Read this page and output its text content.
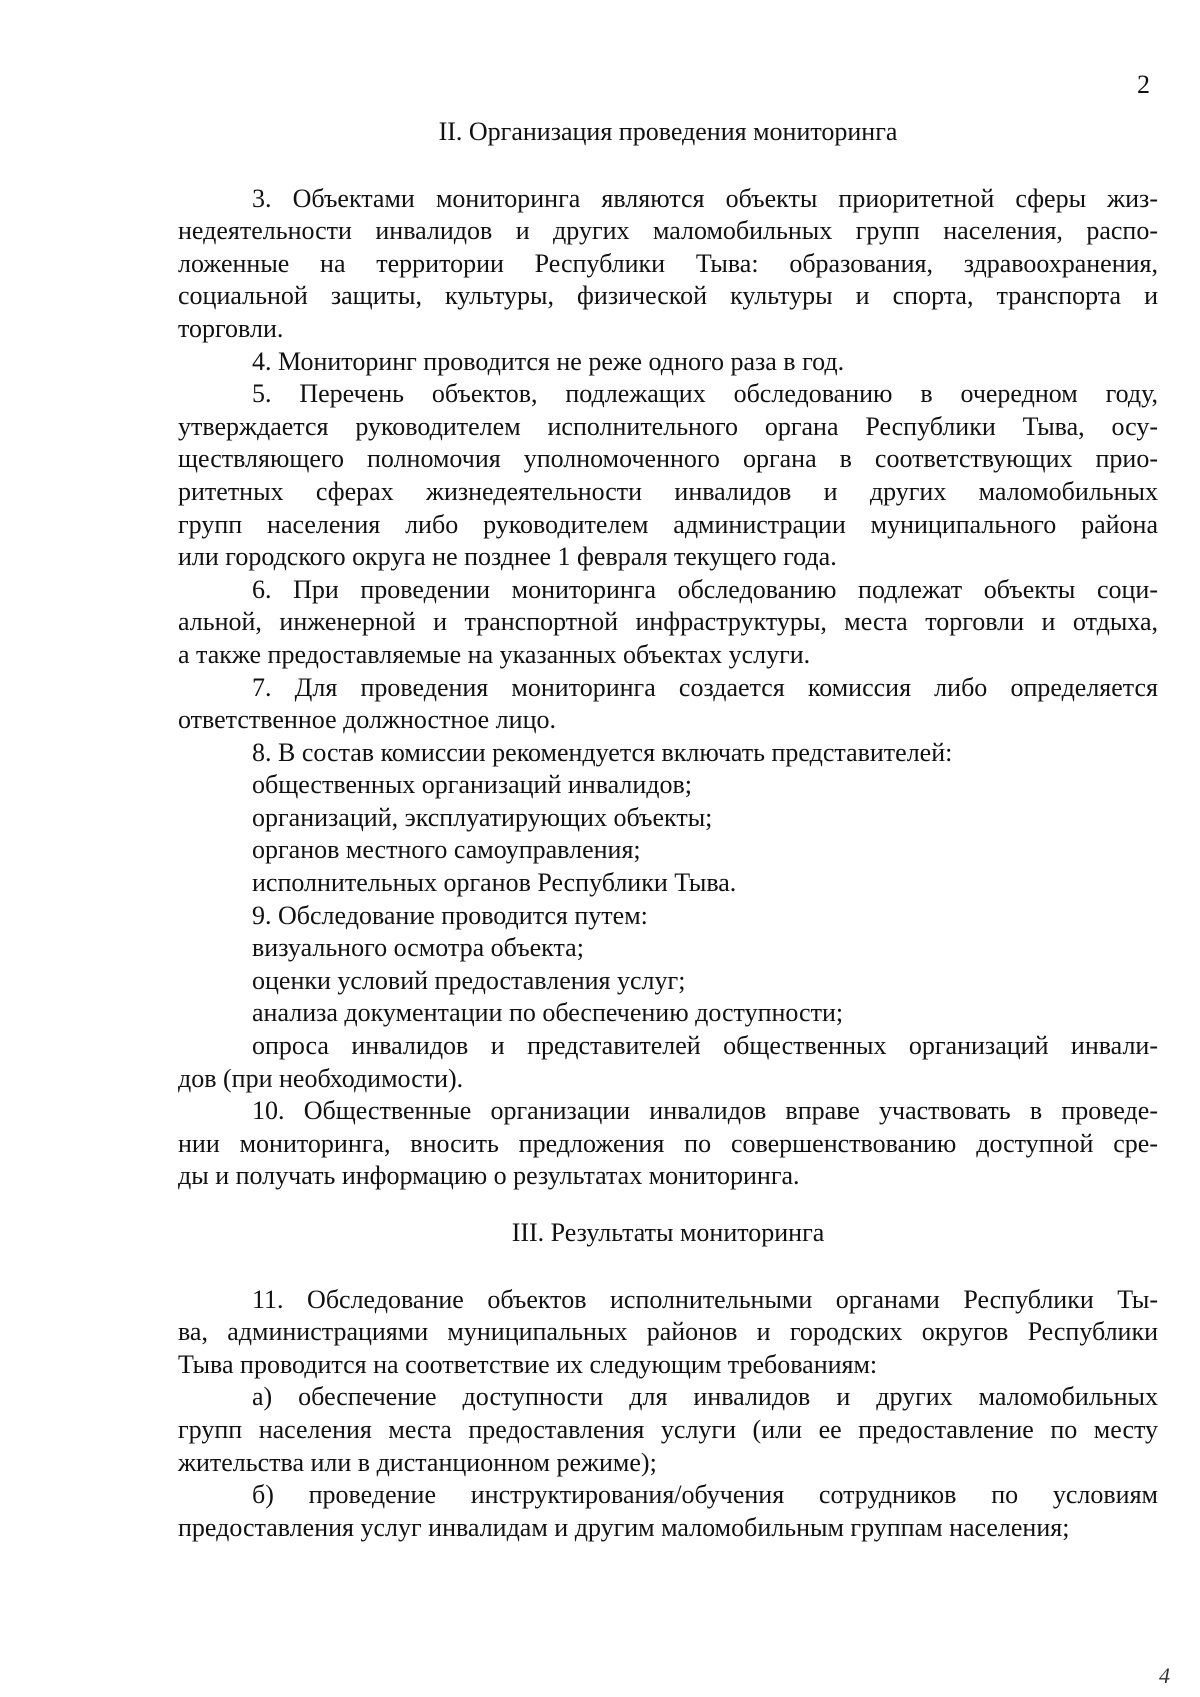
2
II. Организация проведения мониторинга
3. Объектами мониторинга являются объекты приоритетной сферы жиз-
недеятельности инвалидов и других маломобильных групп населения, распо-
ложенные на территории Республики Тыва: образования, здравоохранения,
социальной защиты, культуры, физической культуры и спорта, транспорта и
торговли.
4. Мониторинг проводится не реже одного раза в год.
5. Перечень объектов, подлежащих обследованию в очередном году,
утверждается руководителем исполнительного органа Республики Тыва, осу-
ществляющего полномочия уполномоченного органа в соответствующих прио-
ритетных сферах жизнедеятельности инвалидов и других маломобильных
групп населения либо руководителем администрации муниципального района
или городского округа не позднее 1 февраля текущего года.
6. При проведении мониторинга обследованию подлежат объекты соци-
альной, инженерной и транспортной инфраструктуры, места торговли и отдыха,
а также предоставляемые на указанных объектах услуги.
7. Для проведения мониторинга создается комиссия либо определяется
ответственное должностное лицо.
8. В состав комиссии рекомендуется включать представителей:
общественных организаций инвалидов;
организаций, эксплуатирующих объекты;
органов местного самоуправления;
исполнительных органов Республики Тыва.
9. Обследование проводится путем:
визуального осмотра объекта;
оценки условий предоставления услуг;
анализа документации по обеспечению доступности;
опроса инвалидов и представителей общественных организаций инвали-
дов (при необходимости).
10. Общественные организации инвалидов вправе участвовать в проведе-
нии мониторинга, вносить предложения по совершенствованию доступной сре-
ды и получать информацию о результатах мониторинга.
III. Результаты мониторинга
11. Обследование объектов исполнительными органами Республики Ты-
ва, администрациями муниципальных районов и городских округов Республики
Тыва проводится на соответствие их следующим требованиям:
а) обеспечение доступности для инвалидов и других маломобильных
групп населения места предоставления услуги (или ее предоставление по месту
жительства или в дистанционном режиме);
б) проведение инструктирования/обучения сотрудников по условиям
предоставления услуг инвалидам и другим маломобильным группам населения;
4
